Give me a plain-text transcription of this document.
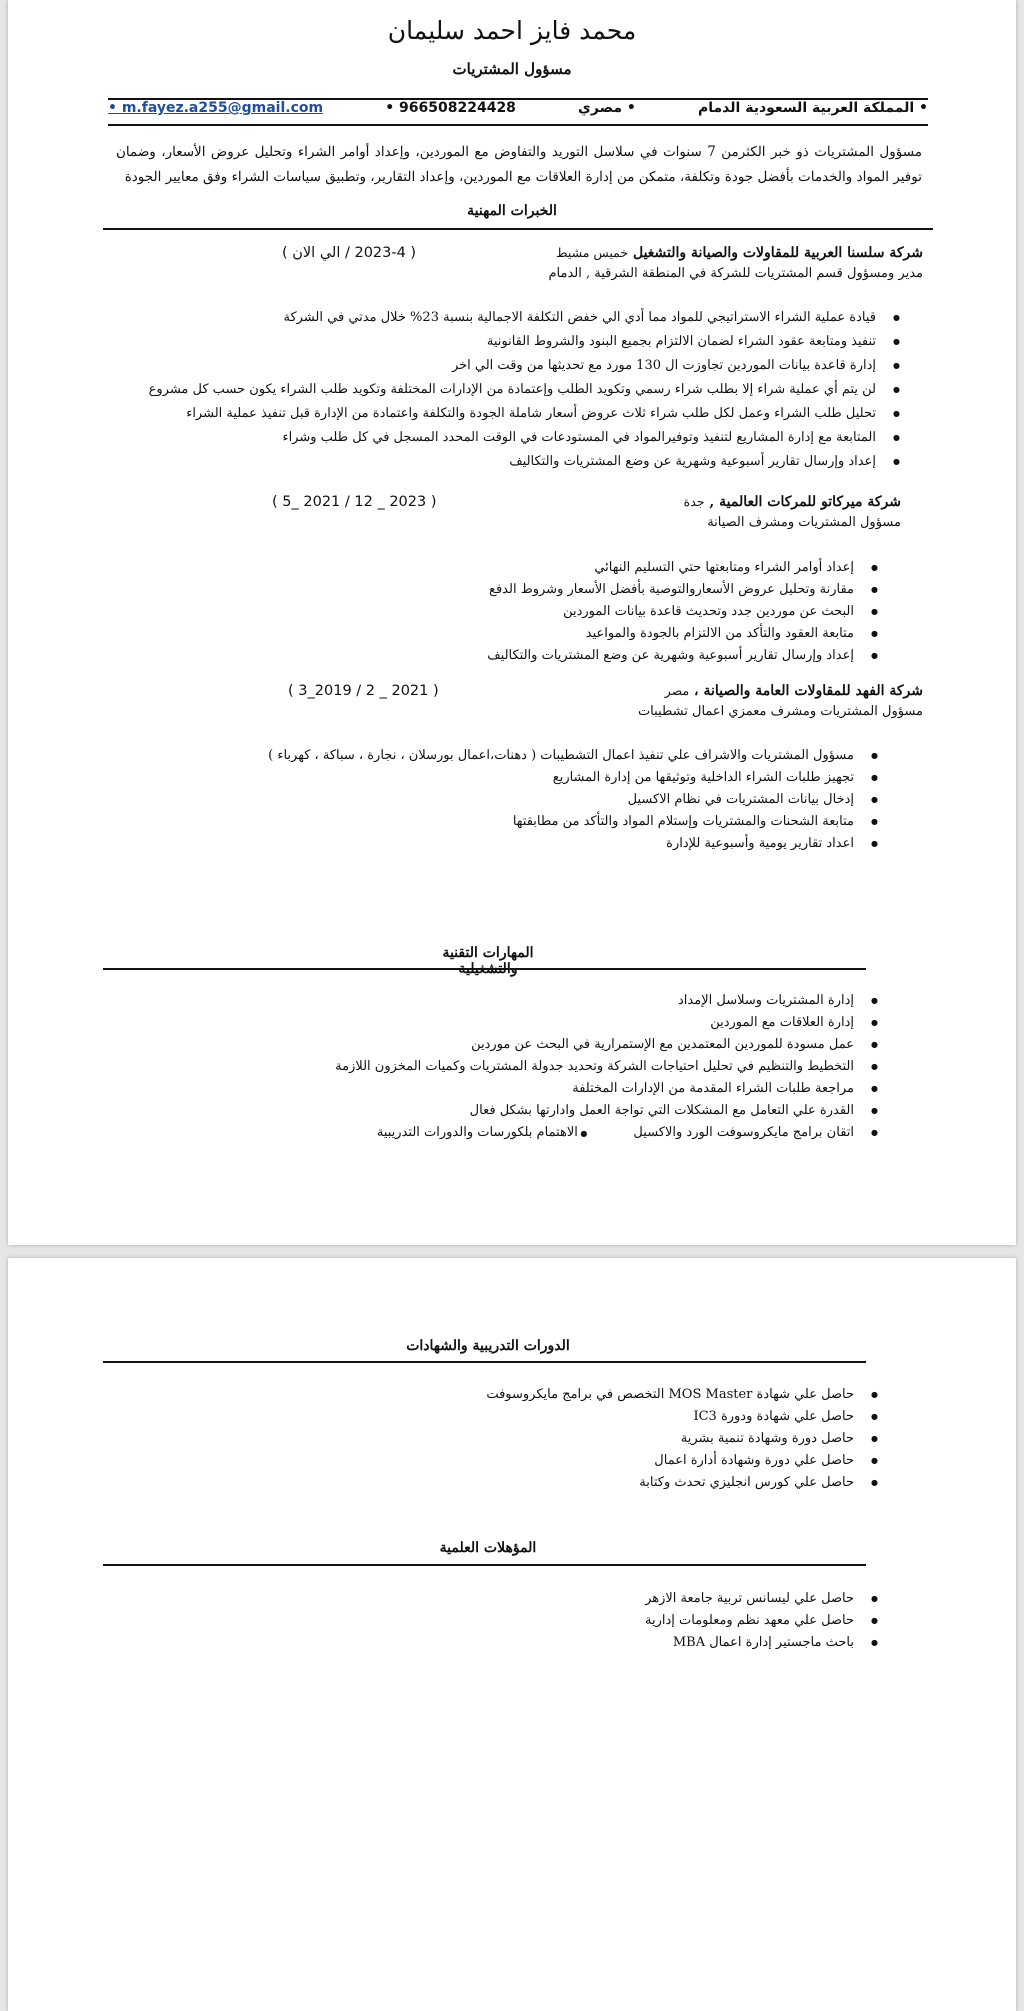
محمد فايز احمد سليمان
مسؤول المشتريات
• m.fayez.a255@gmail.com	• 966508224428	• مصري	• المملكة العربية السعودية الدمام
مسؤول المشتريات ذو خبر الكثرمن 7 سنوات في سلاسل التوريد والتفاوض مع الموردين، وإعداد أوامر الشراء وتحليل عروض الأسعار، وضمان توفير المواد والخدمات بأفضل جودة وتكلفة، متمكن من إدارة العلاقات مع الموردين، وإعداد التقارير، وتطبيق سياسات الشراء وفق معايير الجودة
الخبرات المهنية
شركة سلسنا العربية للمقاولات والصيانة والتشغيل خميس مشيط
( 2023-4 / الي الان )
مدير ومسؤول قسم المشتريات للشركة في المنطقة الشرقية , الدمام
● قيادة عملية الشراء الاستراتيجي للمواد مما أدي الي خفض التكلفة الاجمالية بنسبة 23% خلال مدتي في الشركة
● تنفيذ ومتابعة عقود الشراء لضمان الالتزام بجميع البنود والشروط القانونية
● إدارة قاعدة بيانات الموردين تجاوزت ال 130 مورد مع تحديثها من وقت الي اخر
● لن يتم أي عملية شراء إلا بطلب شراء رسمي وتكويد الطلب وإعتمادة من الإدارات المختلفة وتكويد طلب الشراء يكون حسب كل مشروع
● تحليل طلب الشراء وعمل لكل طلب شراء ثلاث عروض أسعار شاملة الجودة والتكلفة واعتمادة من الإدارة قبل تنفيذ عملية الشراء
● المتابعة مع إدارة المشاريع لتنفيذ وتوفيرالمواد في المستودعات في الوقت المحدد المسجل في كل طلب وشراء
● إعداد وإرسال تقارير أسبوعية وشهرية عن وضع المشتريات والتكاليف
شركة ميركاتو للمركات العالمية , جدة
( 2023 _ 12 / 2021 _5 )
مسؤول المشتريات ومشرف الصيانة
● إعداد أوامر الشراء ومتابعتها حتي التسليم النهائي
● مقارنة وتحليل عروض الأسعاروالتوصية بأفضل الأسعار وشروط الدفع
● البحث عن موردين جدد وتحديث قاعدة بيانات الموردين
● متابعة العقود والتأكد من الالتزام بالجودة والمواعيد
● إعداد وإرسال تقارير أسبوعية وشهرية عن وضع المشتريات والتكاليف
شركة الفهد للمقاولات العامة والصيانة ، مصر
( 2021 _ 2 / 2019_3 )
مسؤول المشتريات ومشرف معمزي اعمال تشطيبات
● مسؤول المشتريات والاشراف علي تنفيذ اعمال التشطيبات ( دهنات،اعمال بورسلان ، نجارة ، سباكة ، كهرباء )
● تجهيز طلبات الشراء الداخلية وتوثيقها من إدارة المشاريع
● إدخال بيانات المشتريات في نظام الاكسيل
● متابعة الشحنات والمشتريات وإستلام المواد والتأكد من مطابقتها
● اعداد تقارير يومية وأسبوعية للإدارة
المهارات التقنية والتشغيلية
● إدارة المشتريات وسلاسل الإمداد
● إدارة العلاقات مع الموردين
● عمل مسودة للموردين المعتمدين مع الإستمرارية في البحث عن موردين
● التخطيط والتنظيم في تحليل احتياجات الشركة وتحديد جدولة المشتريات وكميات المخزون اللازمة
● مراجعة طلبات الشراء المقدمة من الإدارات المختلفة
● القدرة علي التعامل مع المشكلات التي تواجة العمل وادارتها بشكل فعال
● اتقان برامج مايكروسوفت الورد والاكسيل
● الاهتمام بلكورسات والدورات التدريبية
الدورات التدريبية والشهادات
● حاصل علي شهادة MOS Master التخصص في برامج مايكروسوفت
● حاصل علي شهادة ودورة IC3
● حاصل دورة وشهادة تنمية بشرية
● حاصل علي دورة وشهادة أدارة اعمال
● حاصل علي كورس انجليزي تحدث وكتابة
المؤهلات العلمية
● حاصل علي ليسانس تربية جامعة الازهر
● حاصل علي معهد نظم ومعلومات إدارية
● باحث ماجستير إدارة اعمال MBA
